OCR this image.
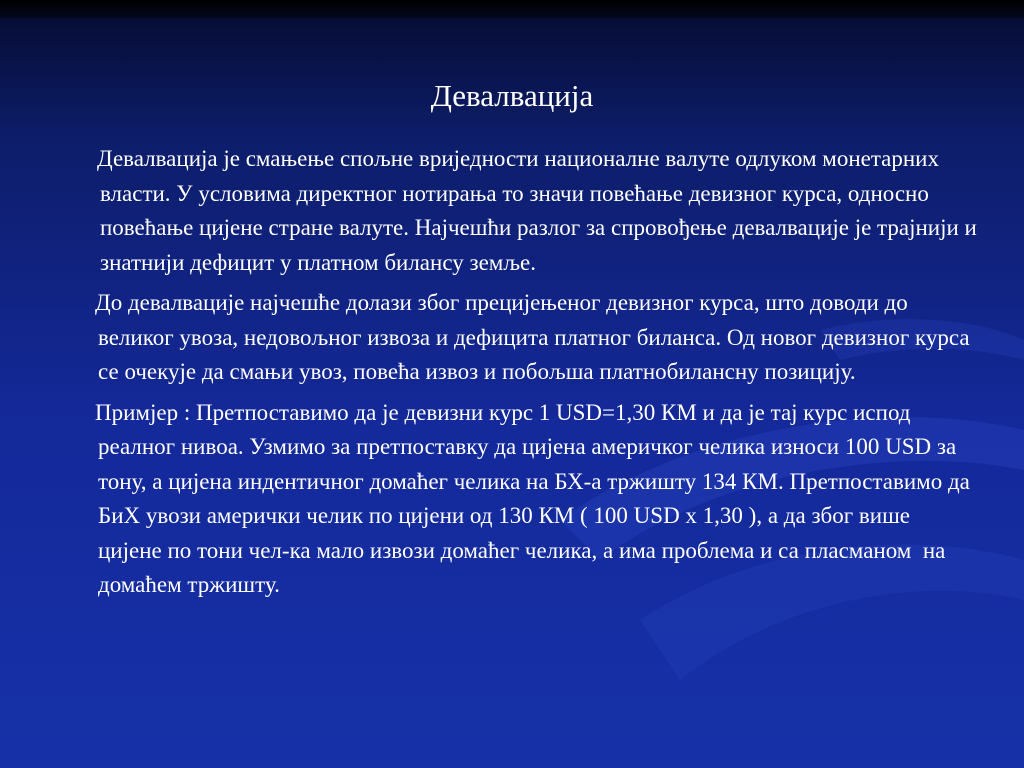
Девалвација

Девалвација је смањење спољне вриједности националне валуте одлуком монетарних власти. У условима директног нотирања то значи повећање девизног курса, односно повећање цијене стране валуте. Најчешћи разлог за спровођење девалвације је трајнији и знатнији дефицит у платном билансу земље.

До девалвације најчешће долази због прецијењеног девизног курса, што доводи до великог увоза, недовољног извоза и дефицита платног биланса. Од новог девизног курса се очекује да смањи увоз, повећа извоз и побољша платнобилансну позицију.

Примјер : Претпоставимо да је девизни курс 1 USD=1,30 КМ и да је тај курс испод реалног нивоа. Узмимо за претпоставку да цијена америчког челика износи 100 USD за тону, а цијена индентичног домаћег челика на БХ-а тржишту 134 КМ. Претпоставимо да БиХ увози амерички челик по цијени од 130 КМ ( 100 USD x 1,30 ), а да због више цијене по тони чел-ка мало извози домаћег челика, а има проблема и са пласманом  на домаћем тржишту.
